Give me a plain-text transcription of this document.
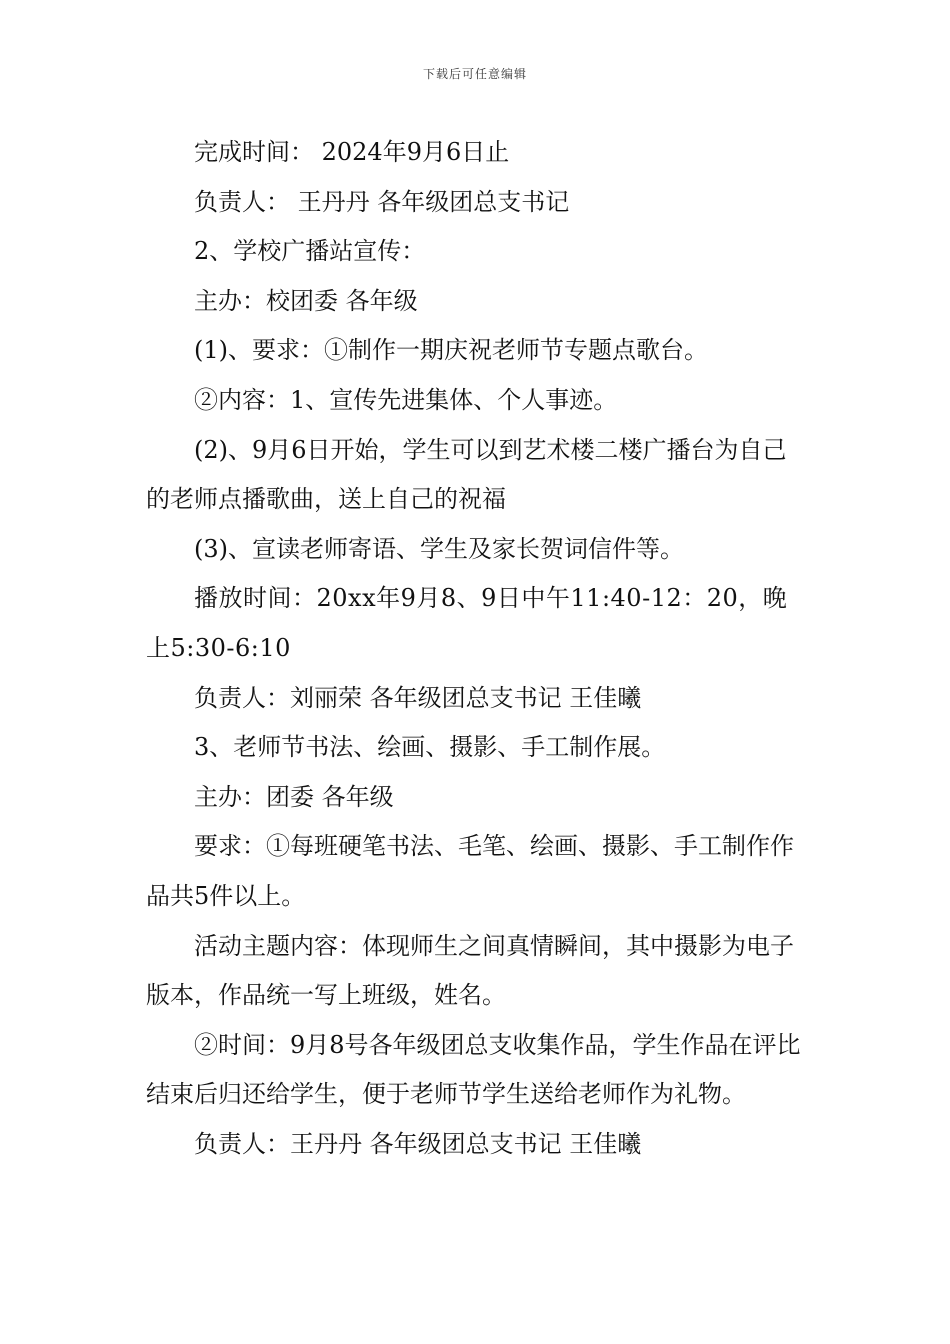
下载后可任意编辑

完成时间： 2024年9月6日止

负责人： 王丹丹 各年级团总支书记

2、学校广播站宣传：

主办：校团委 各年级

(1)、要求：①制作一期庆祝老师节专题点歌台。

②内容：1、宣传先进集体、个人事迹。

(2)、9月6日开始，学生可以到艺术楼二楼广播台为自己的老师点播歌曲，送上自己的祝福

(3)、宣读老师寄语、学生及家长贺词信件等。

播放时间：20xx年9月8、9日中午11:40-12：20，晚上5:30-6:10

负责人：刘丽荣 各年级团总支书记 王佳曦

3、老师节书法、绘画、摄影、手工制作展。

主办：团委 各年级

要求：①每班硬笔书法、毛笔、绘画、摄影、手工制作作品共5件以上。

活动主题内容：体现师生之间真情瞬间，其中摄影为电子版本，作品统一写上班级，姓名。

②时间：9月8号各年级团总支收集作品，学生作品在评比结束后归还给学生，便于老师节学生送给老师作为礼物。

负责人：王丹丹 各年级团总支书记 王佳曦
